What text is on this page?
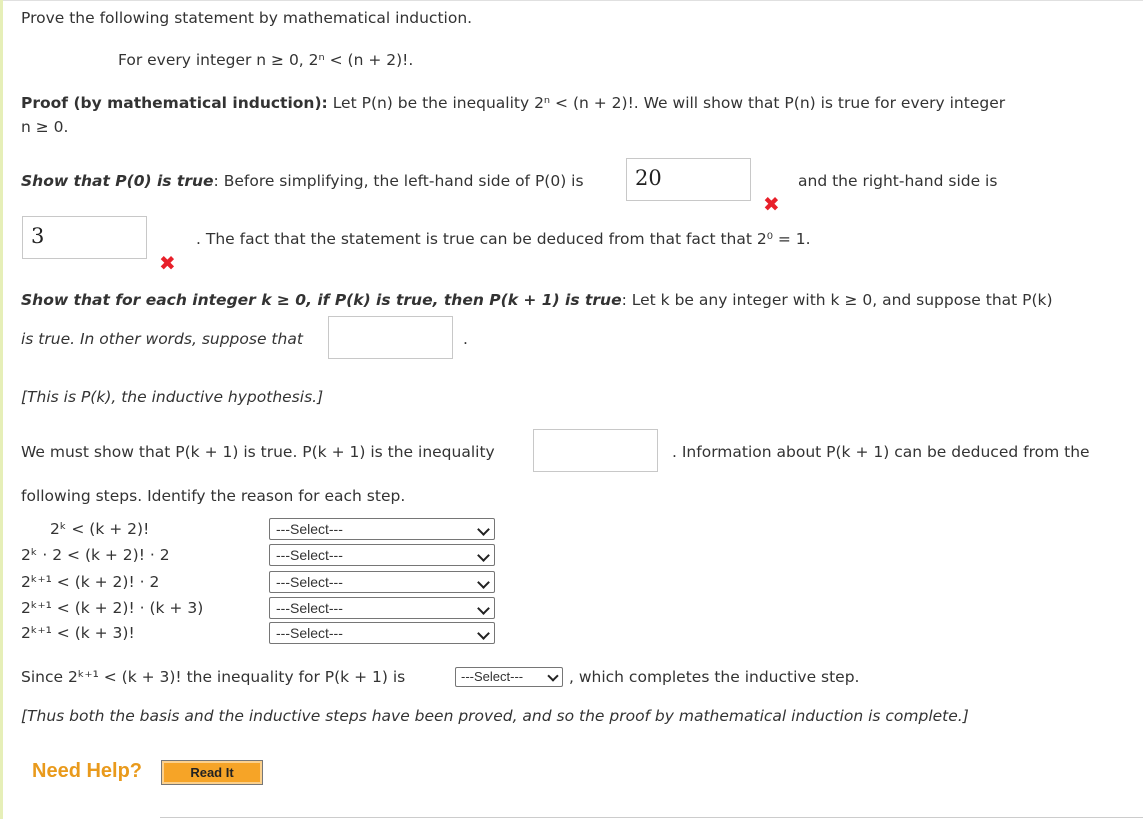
Prove the following statement by mathematical induction.
For every integer n ≥ 0, 2ⁿ < (n + 2)!.
Proof (by mathematical induction): Let P(n) be the inequality 2ⁿ < (n + 2)!. We will show that P(n) is true for every integer
n ≥ 0.
Show that P(0) is true: Before simplifying, the left-hand side of P(0) is	20
✖
and the right-hand side is
3
✖
. The fact that the statement is true can be deduced from that fact that 2⁰ = 1.
Show that for each integer k ≥ 0, if P(k) is true, then P(k + 1) is true: Let k be any integer with k ≥ 0, and suppose that P(k)
is true. In other words, suppose that	.
[This is P(k), the inductive hypothesis.]
We must show that P(k + 1) is true. P(k + 1) is the inequality	. Information about P(k + 1) can be deduced from the
following steps. Identify the reason for each step.
2ᵏ < (k + 2)!	---Select---
2ᵏ · 2 < (k + 2)! · 2	---Select---
2ᵏ⁺¹ < (k + 2)! · 2	---Select---
2ᵏ⁺¹ < (k + 2)! · (k + 3)	---Select---
2ᵏ⁺¹ < (k + 3)!	---Select---
Since 2ᵏ⁺¹ < (k + 3)! the inequality for P(k + 1) is	---Select---	, which completes the inductive step.
[Thus both the basis and the inductive steps have been proved, and so the proof by mathematical induction is complete.]
Need Help?	Read It
